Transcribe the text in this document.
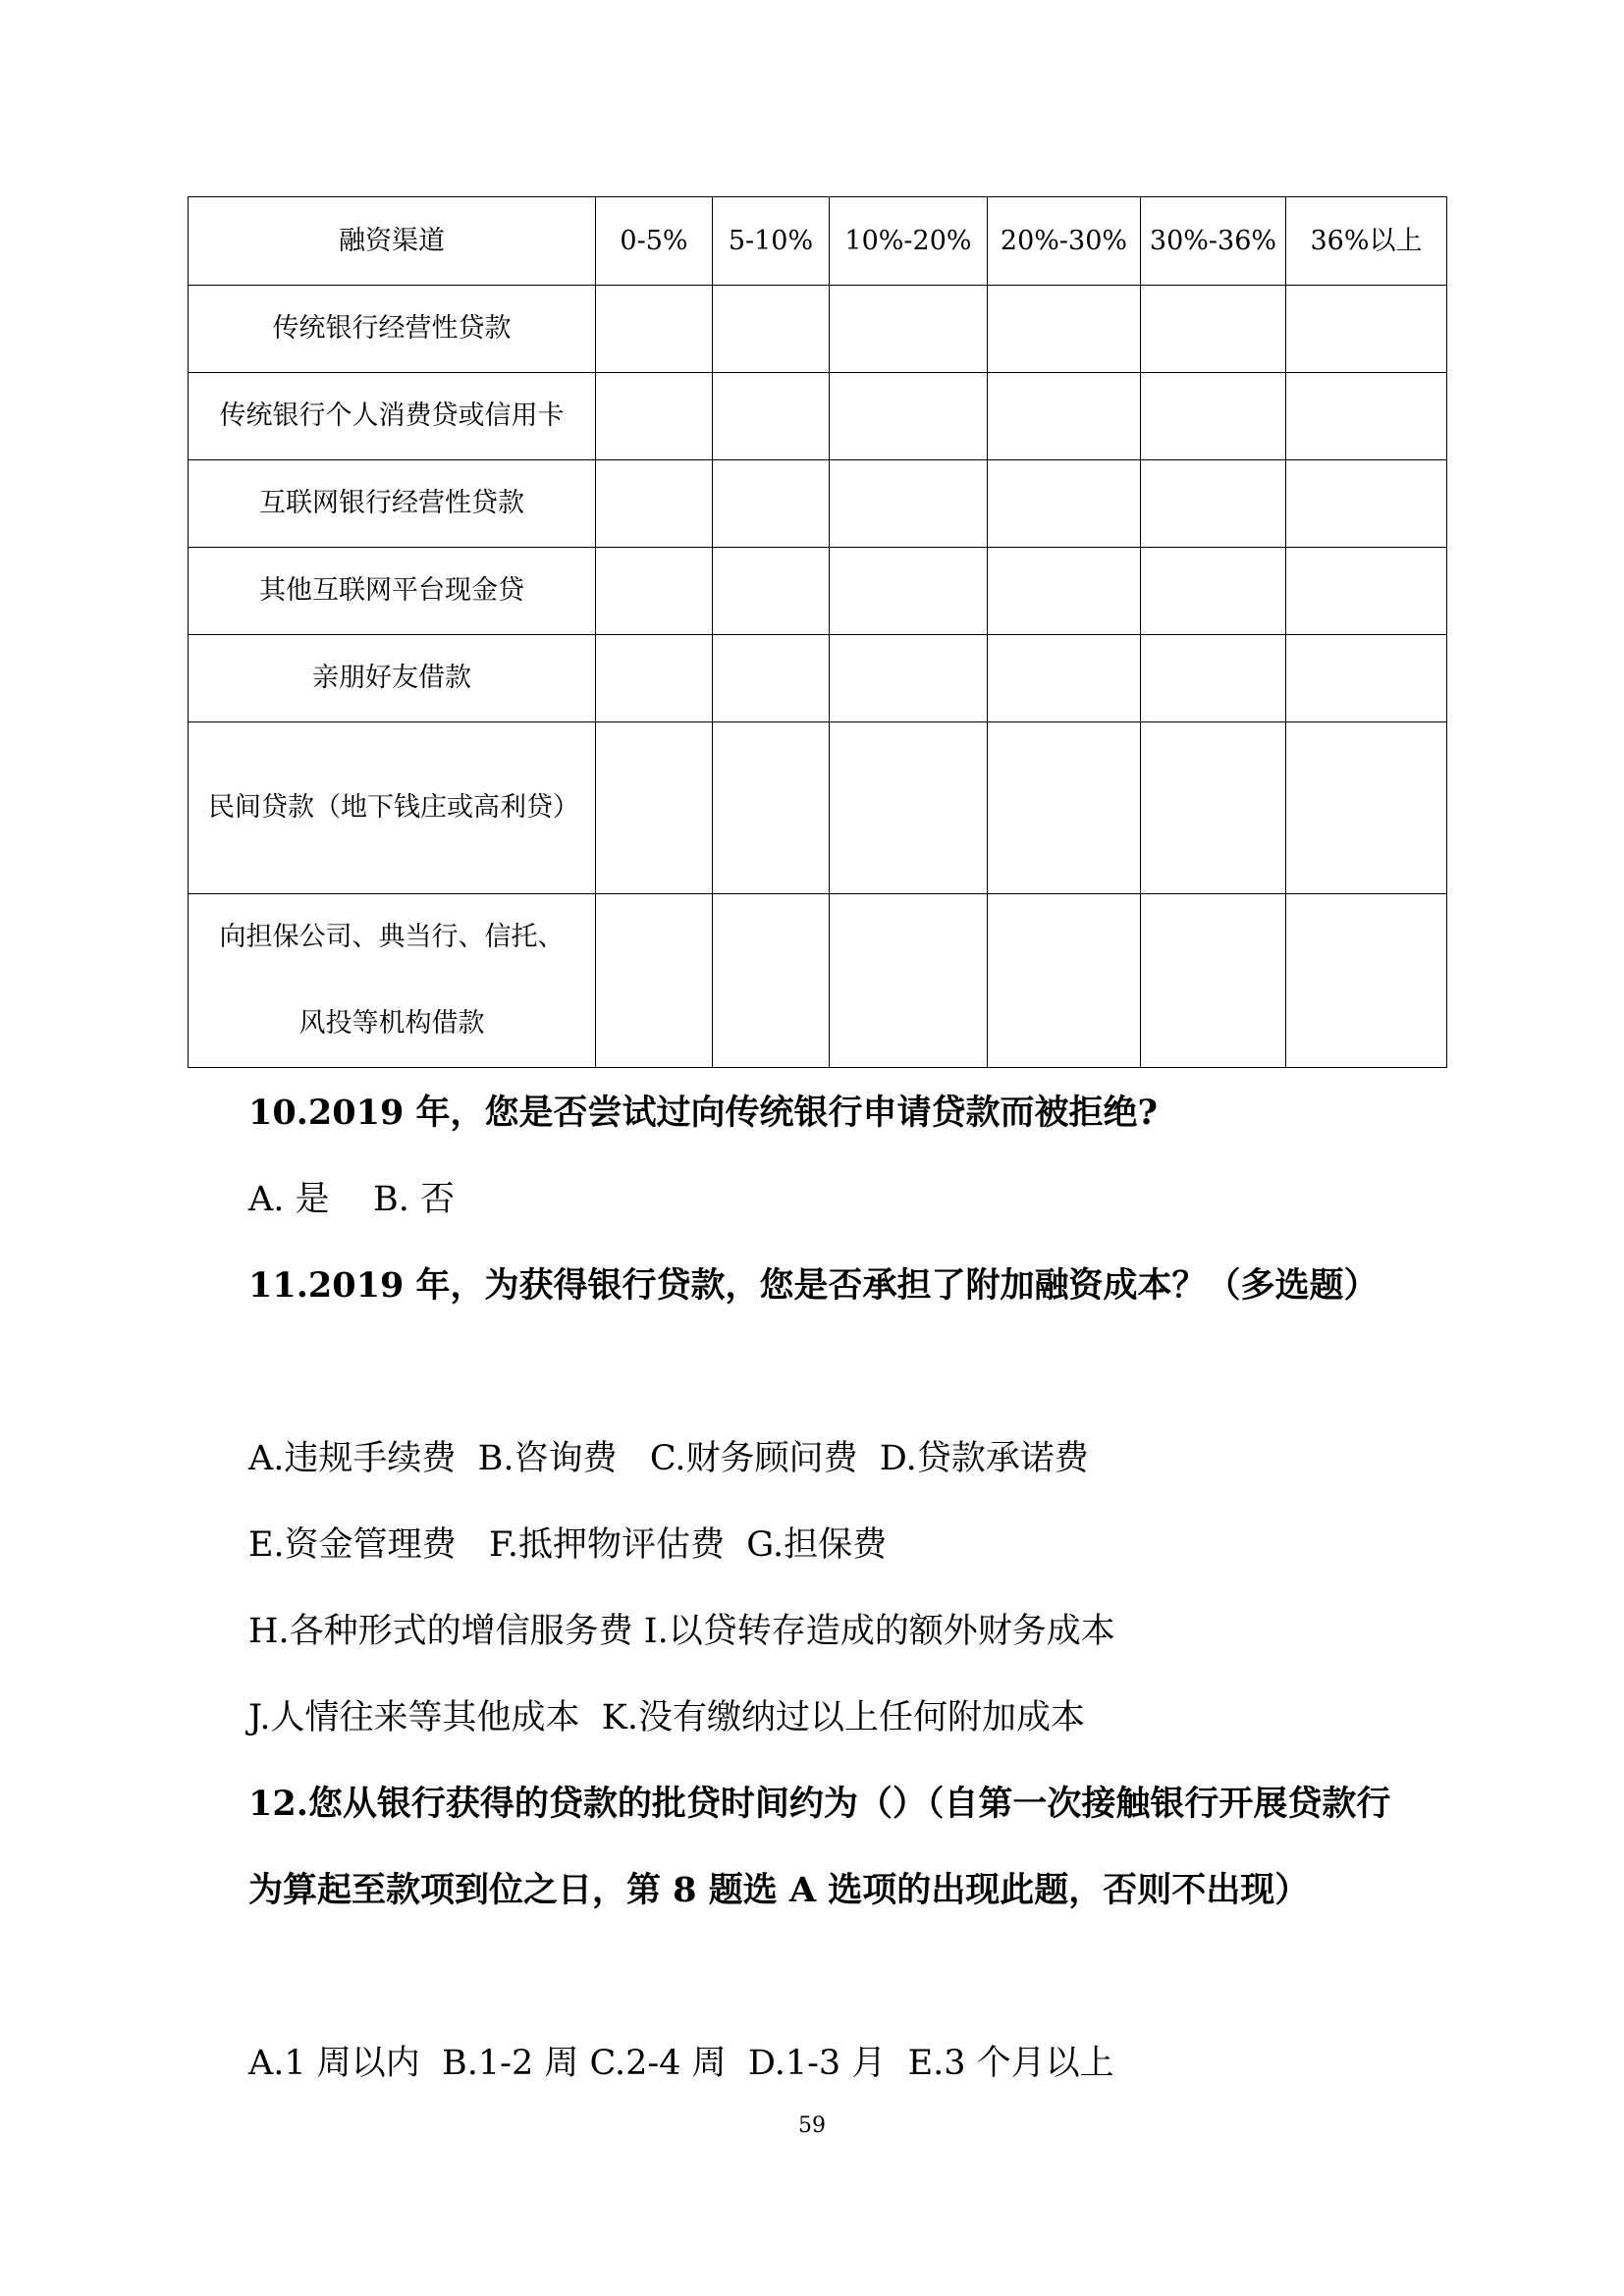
融资渠道	0-5%	5-10%	10%-20%	20%-30%	30%-36%	36%以上
传统银行经营性贷款						
传统银行个人消费贷或信用卡						
互联网银行经营性贷款						
其他互联网平台现金贷						
亲朋好友借款						
民间贷款（地下钱庄或高利贷）						
向担保公司、典当行、信托、风投等机构借款						

10.2019 年，您是否尝试过向传统银行申请贷款而被拒绝?

A. 是    B. 否

11.2019 年，为获得银行贷款，您是否承担了附加融资成本？（多选题）

A.违规手续费  B.咨询费   C.财务顾问费  D.贷款承诺费

E.资金管理费   F.抵押物评估费  G.担保费

H.各种形式的增信服务费 I.以贷转存造成的额外财务成本

J.人情往来等其他成本  K.没有缴纳过以上任何附加成本

12.您从银行获得的贷款的批贷时间约为（）（自第一次接触银行开展贷款行为算起至款项到位之日，第 8 题选 A 选项的出现此题，否则不出现）

A.1 周以内  B.1-2 周 C.2-4 周  D.1-3 月  E.3 个月以上

59
